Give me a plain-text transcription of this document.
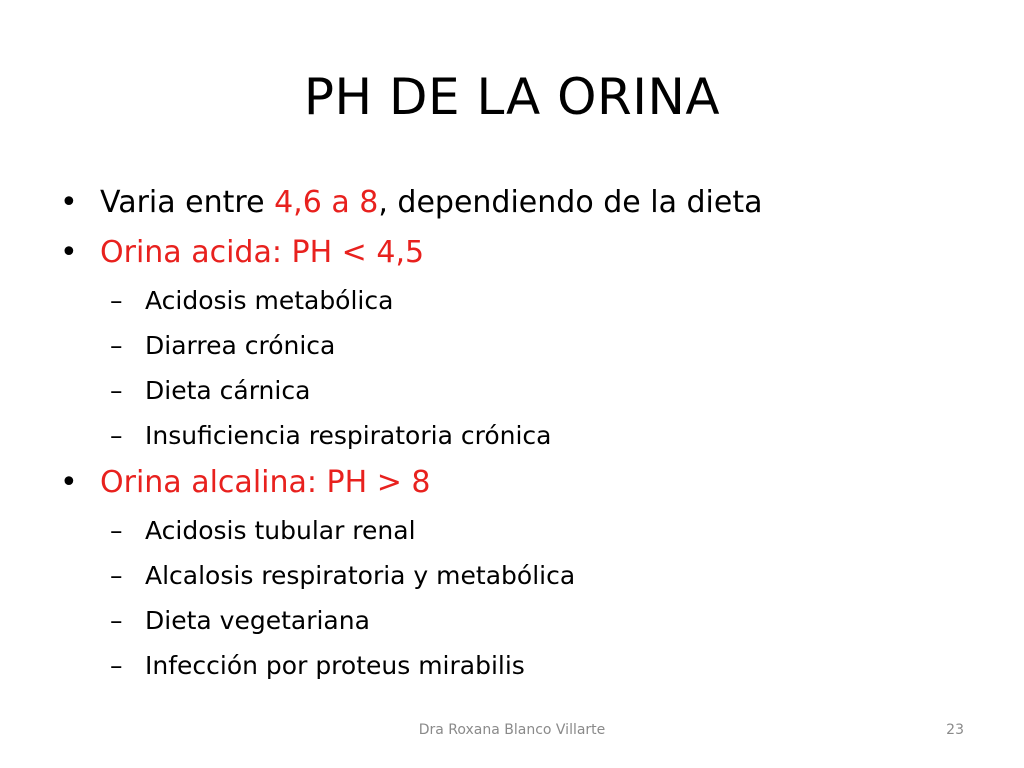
PH DE LA ORINA
• Varia entre 4,6 a 8, dependiendo de la dieta
• Orina acida: PH < 4,5
– Acidosis metabólica
– Diarrea crónica
– Dieta cárnica
– Insuficiencia respiratoria crónica
• Orina alcalina: PH > 8
– Acidosis tubular renal
– Alcalosis respiratoria y metabólica
– Dieta vegetariana
– Infección por proteus mirabilis
Dra Roxana Blanco Villarte	23
